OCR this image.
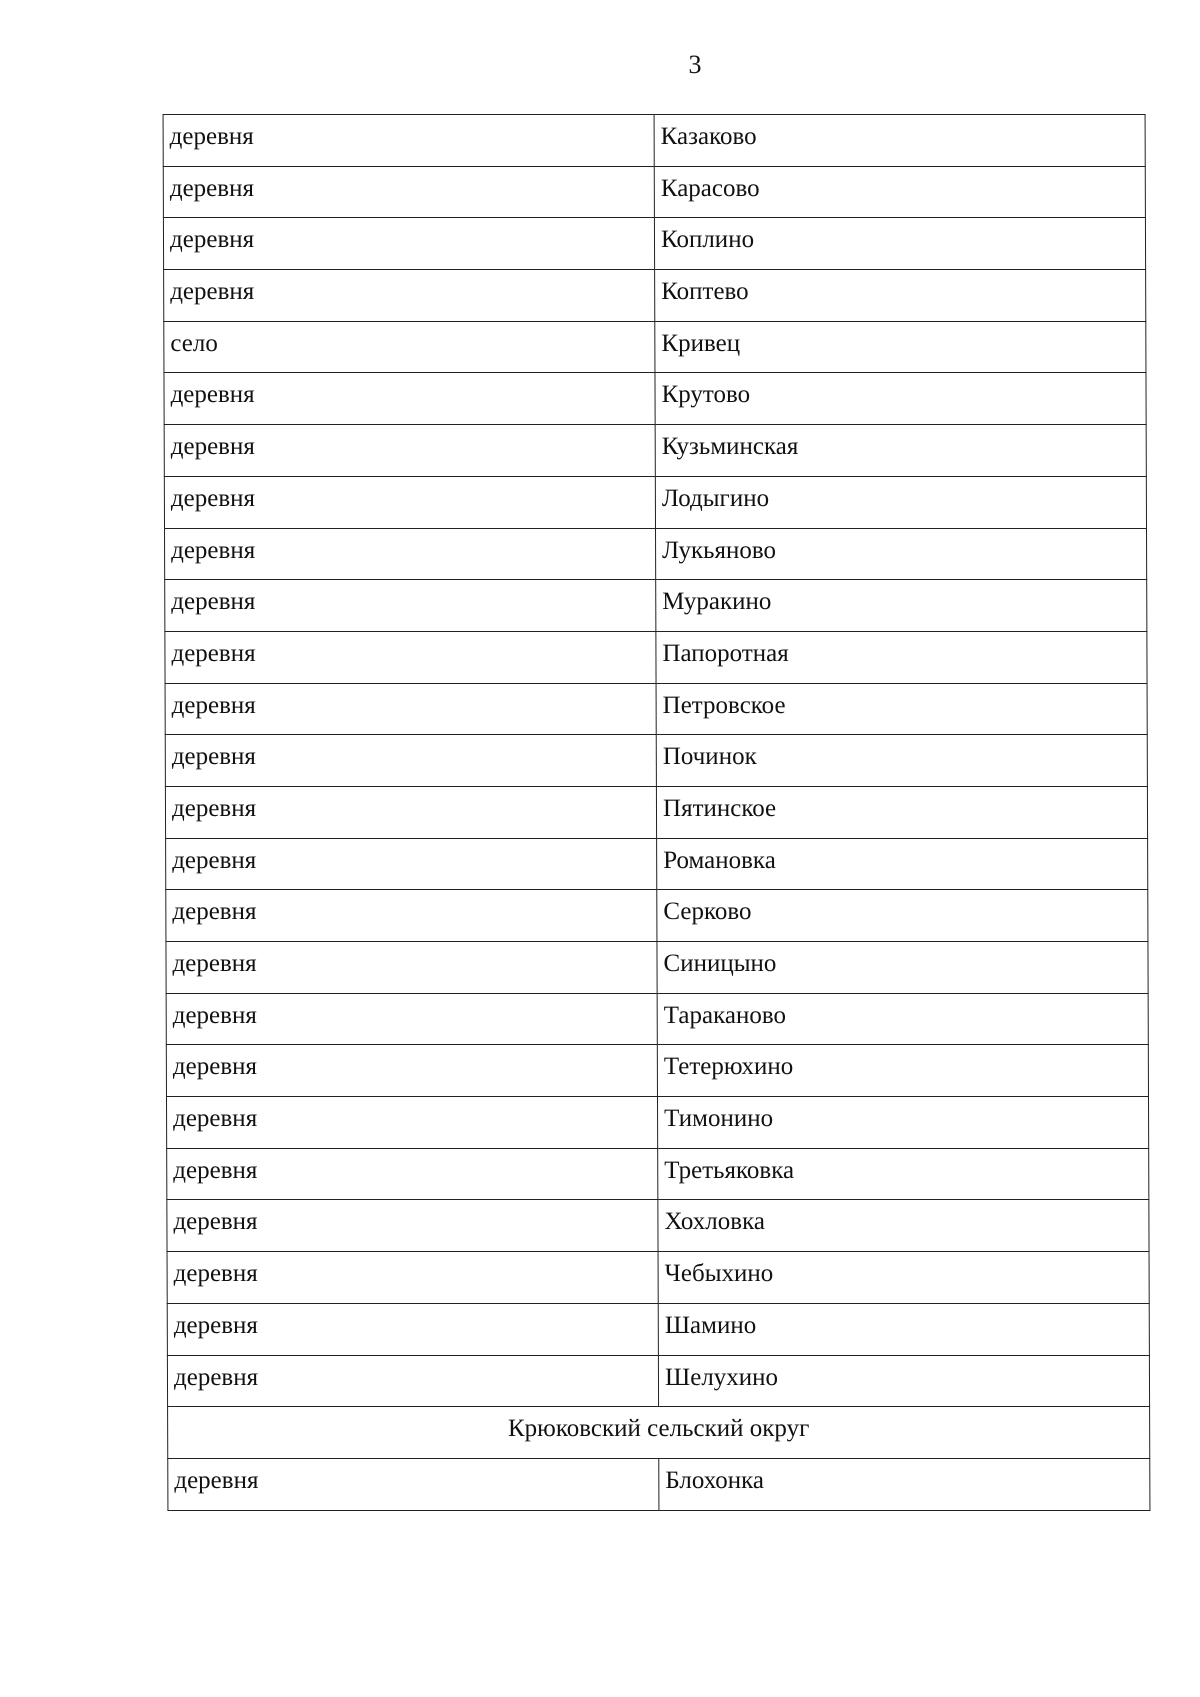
3
деревня	Казаково
деревня	Карасово
деревня	Коплино
деревня	Коптево
село	Кривец
деревня	Крутово
деревня	Кузьминская
деревня	Лодыгино
деревня	Лукьяново
деревня	Муракино
деревня	Папоротная
деревня	Петровское
деревня	Починок
деревня	Пятинское
деревня	Романовка
деревня	Серково
деревня	Синицыно
деревня	Тараканово
деревня	Тетерюхино
деревня	Тимонино
деревня	Третьяковка
деревня	Хохловка
деревня	Чебыхино
деревня	Шамино
деревня	Шелухино
Крюковский сельский округ	
деревня	Блохонка
